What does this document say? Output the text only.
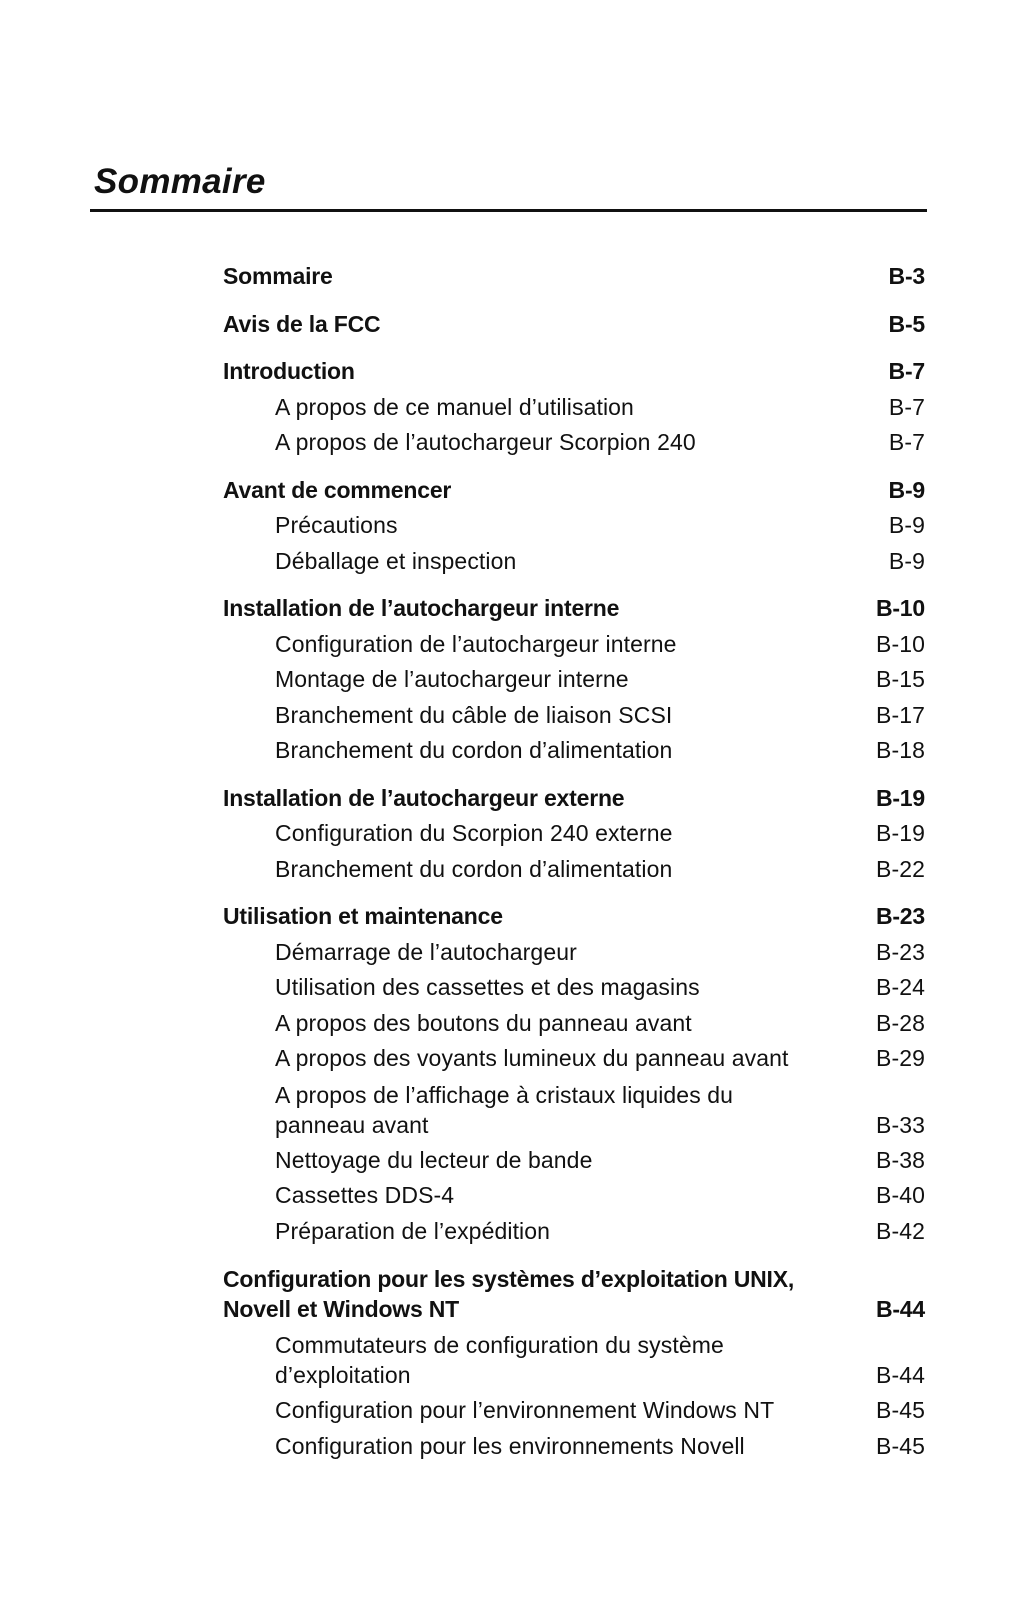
Sommaire
Sommaire	B-3
Avis de la FCC	B-5
Introduction	B-7
A propos de ce manuel d’utilisation	B-7
A propos de l’autochargeur Scorpion 240	B-7
Avant de commencer	B-9
Précautions	B-9
Déballage et inspection	B-9
Installation de l’autochargeur interne	B-10
Configuration de l’autochargeur interne	B-10
Montage de l’autochargeur interne	B-15
Branchement du câble de liaison SCSI	B-17
Branchement du cordon d’alimentation	B-18
Installation de l’autochargeur externe	B-19
Configuration du Scorpion 240 externe	B-19
Branchement du cordon d’alimentation	B-22
Utilisation et maintenance	B-23
Démarrage de l’autochargeur	B-23
Utilisation des cassettes et des magasins	B-24
A propos des boutons du panneau avant	B-28
A propos des voyants lumineux du panneau avant	B-29
A propos de l’affichage à cristaux liquides du
panneau avant	B-33
Nettoyage du lecteur de bande	B-38
Cassettes DDS-4	B-40
Préparation de l’expédition	B-42
Configuration pour les systèmes d’exploitation UNIX,
Novell et Windows NT	B-44
Commutateurs de configuration du système
d’exploitation	B-44
Configuration pour l’environnement Windows NT	B-45
Configuration pour les environnements Novell	B-45
